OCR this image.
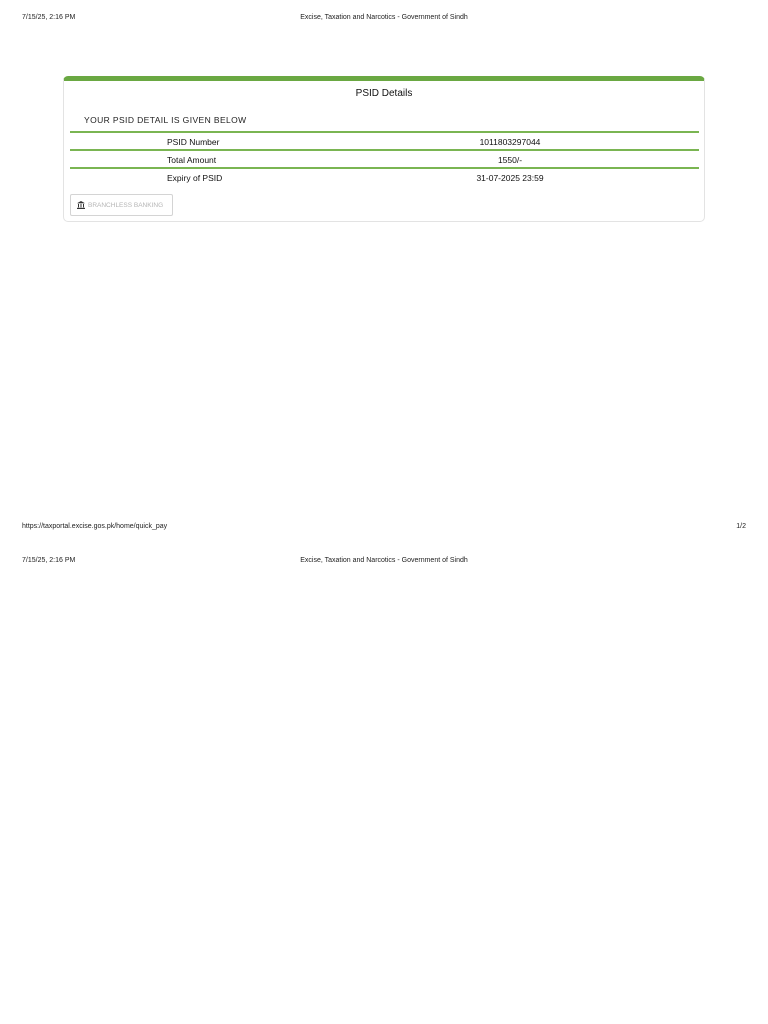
7/15/25, 2:16 PM	Excise, Taxation and Narcotics - Government of Sindh
PSID Details
YOUR PSID DETAIL IS GIVEN BELOW
PSID Number	1011803297044
Total Amount	1550/-
Expiry of PSID	31-07-2025 23:59
BRANCHLESS BANKING
https://taxportal.excise.gos.pk/home/quick_pay	1/2
7/15/25, 2:16 PM	Excise, Taxation and Narcotics - Government of Sindh
